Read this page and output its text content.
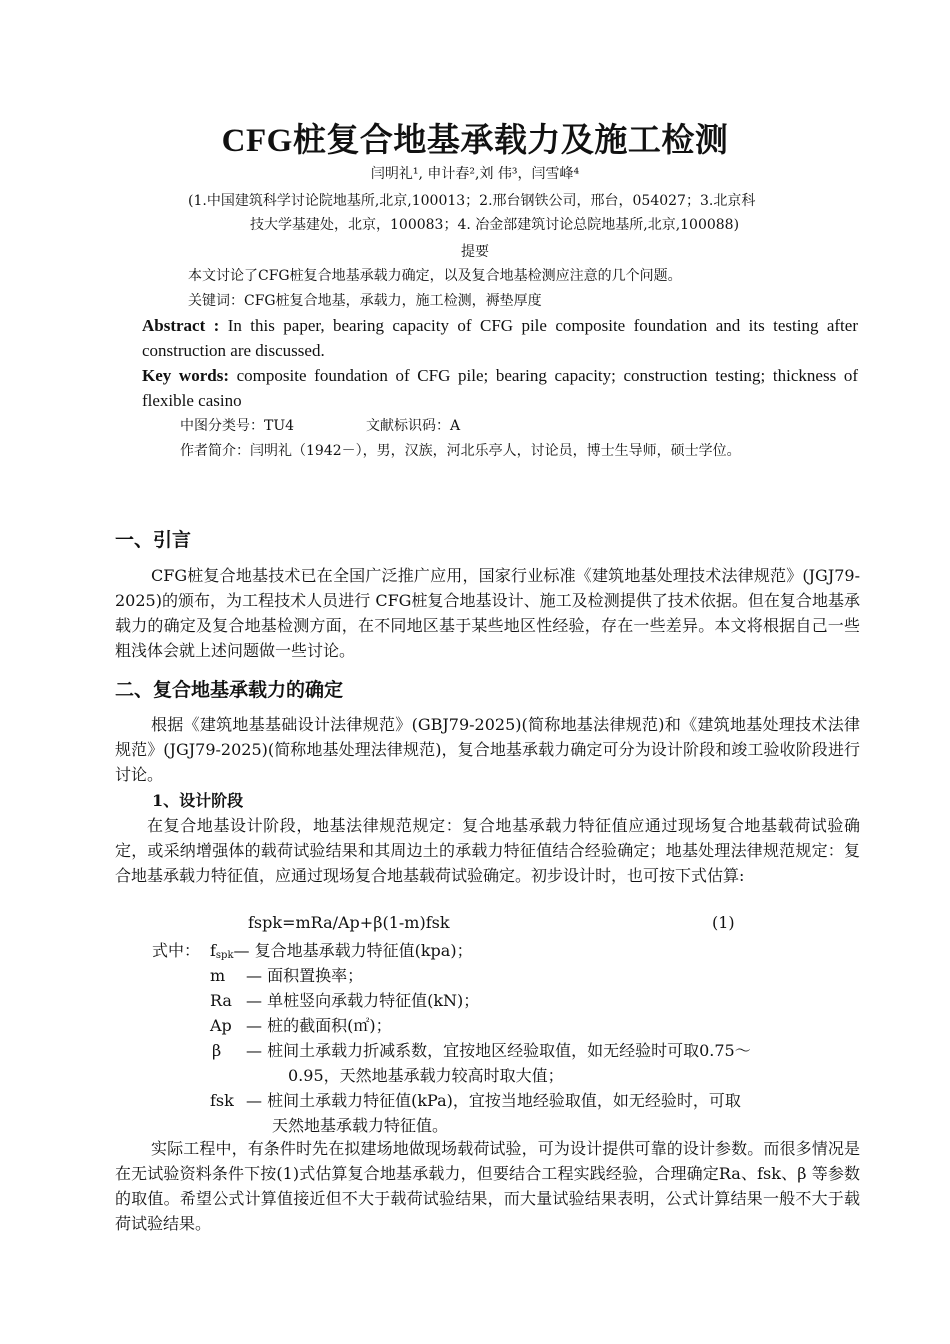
CFG桩复合地基承载力及施工检测
闫明礼¹, 申计春²,刘 伟³，闫雪峰⁴
(1.中国建筑科学讨论院地基所,北京,100013；2.邢台钢铁公司，邢台，054027；3.北京科
技大学基建处，北京，100083；4. 冶金部建筑讨论总院地基所,北京,100088)
提要
本文讨论了CFG桩复合地基承载力确定，以及复合地基检测应注意的几个问题。
关键词：CFG桩复合地基，承载力，施工检测，褥垫厚度
Abstract : In this paper, bearing capacity of CFG pile composite foundation and its testing after construction are discussed.
Key words: composite foundation of CFG pile; bearing capacity; construction testing; thickness of flexible casino
中图分类号：TU4	文献标识码：A
作者简介：闫明礼（1942－），男，汉族，河北乐亭人，讨论员，博士生导师，硕士学位。
一、引言
CFG桩复合地基技术已在全国广泛推广应用，国家行业标准《建筑地基处理技术法律规范》(JGJ79-2025)的颁布，为工程技术人员进行 CFG桩复合地基设计、施工及检测提供了技术依据。但在复合地基承载力的确定及复合地基检测方面，在不同地区基于某些地区性经验，存在一些差异。本文将根据自己一些粗浅体会就上述问题做一些讨论。
二、复合地基承载力的确定
根据《建筑地基基础设计法律规范》(GBJ79-2025)(简称地基法律规范)和《建筑地基处理技术法律规范》(JGJ79-2025)(简称地基处理法律规范)，复合地基承载力确定可分为设计阶段和竣工验收阶段进行讨论。
1、设计阶段
在复合地基设计阶段，地基法律规范规定：复合地基承载力特征值应通过现场复合地基载荷试验确定，或采纳增强体的载荷试验结果和其周边土的承载力特征值结合经验确定；地基处理法律规范规定：复合地基承载力特征值，应通过现场复合地基载荷试验确定。初步设计时，也可按下式估算:
fspk=mRa/Ap+β(1-m)fsk	(1)
式中： $f_{spk}—$ 复合地基承载力特征值(kpa)；
m — 面积置换率；
Ra — 单桩竖向承载力特征值(kN)；
Ap — 桩的截面积(㎡)；
β — 桩间土承载力折减系数，宜按地区经验取值，如无经验时可取0.75～
0.95，天然地基承载力较高时取大值；
fsk — 桩间土承载力特征值(kPa)，宜按当地经验取值，如无经验时，可取
天然地基承载力特征值。
实际工程中，有条件时先在拟建场地做现场载荷试验，可为设计提供可靠的设计参数。而很多情况是在无试验资料条件下按(1)式估算复合地基承载力，但要结合工程实践经验，合理确定Ra、fsk、β 等参数的取值。希望公式计算值接近但不大于载荷试验结果，而大量试验结果表明，公式计算结果一般不大于载荷试验结果。
